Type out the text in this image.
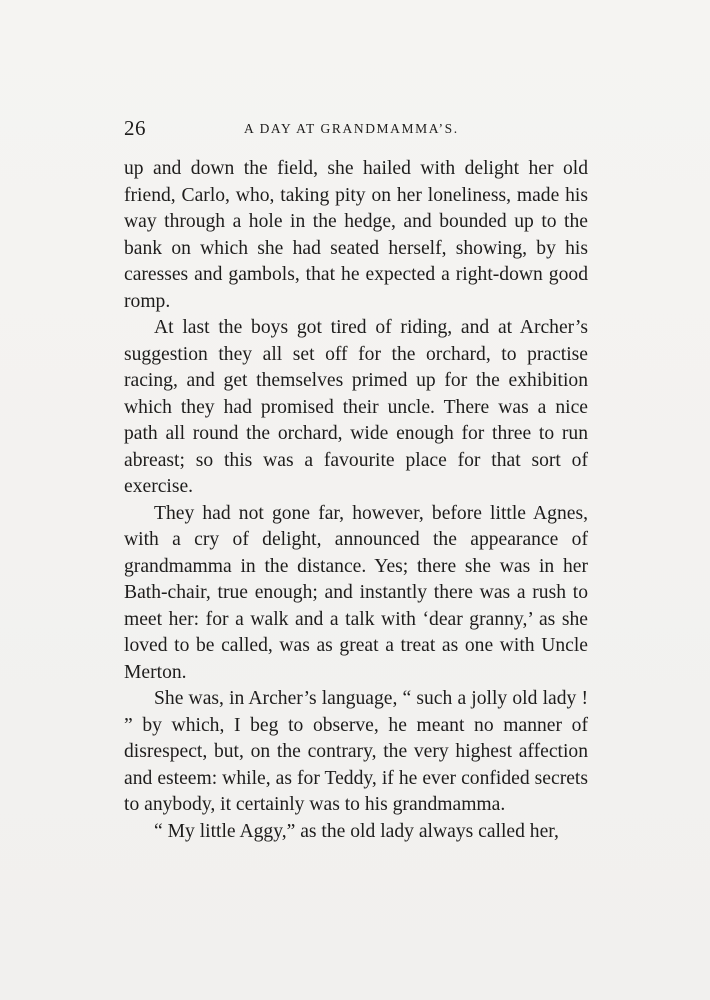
26	A DAY AT GRANDMAMMA’S.

up and down the field, she hailed with delight her old friend, Carlo, who, taking pity on her loneliness, made his way through a hole in the hedge, and bounded up to the bank on which she had seated herself, showing, by his caresses and gambols, that he expected a right-down good romp.

At last the boys got tired of riding, and at Archer’s suggestion they all set off for the orchard, to practise racing, and get themselves primed up for the exhibition which they had promised their uncle. There was a nice path all round the orchard, wide enough for three to run abreast; so this was a favourite place for that sort of exercise.

They had not gone far, however, before little Agnes, with a cry of delight, announced the appearance of grandmamma in the distance. Yes; there she was in her Bath-chair, true enough; and instantly there was a rush to meet her: for a walk and a talk with ‘dear granny,’ as she loved to be called, was as great a treat as one with Uncle Merton.

She was, in Archer’s language, “ such a jolly old lady ! ” by which, I beg to observe, he meant no manner of disrespect, but, on the contrary, the very highest affection and esteem: while, as for Teddy, if he ever confided secrets to anybody, it certainly was to his grandmamma.

“ My little Aggy,” as the old lady always called her,
